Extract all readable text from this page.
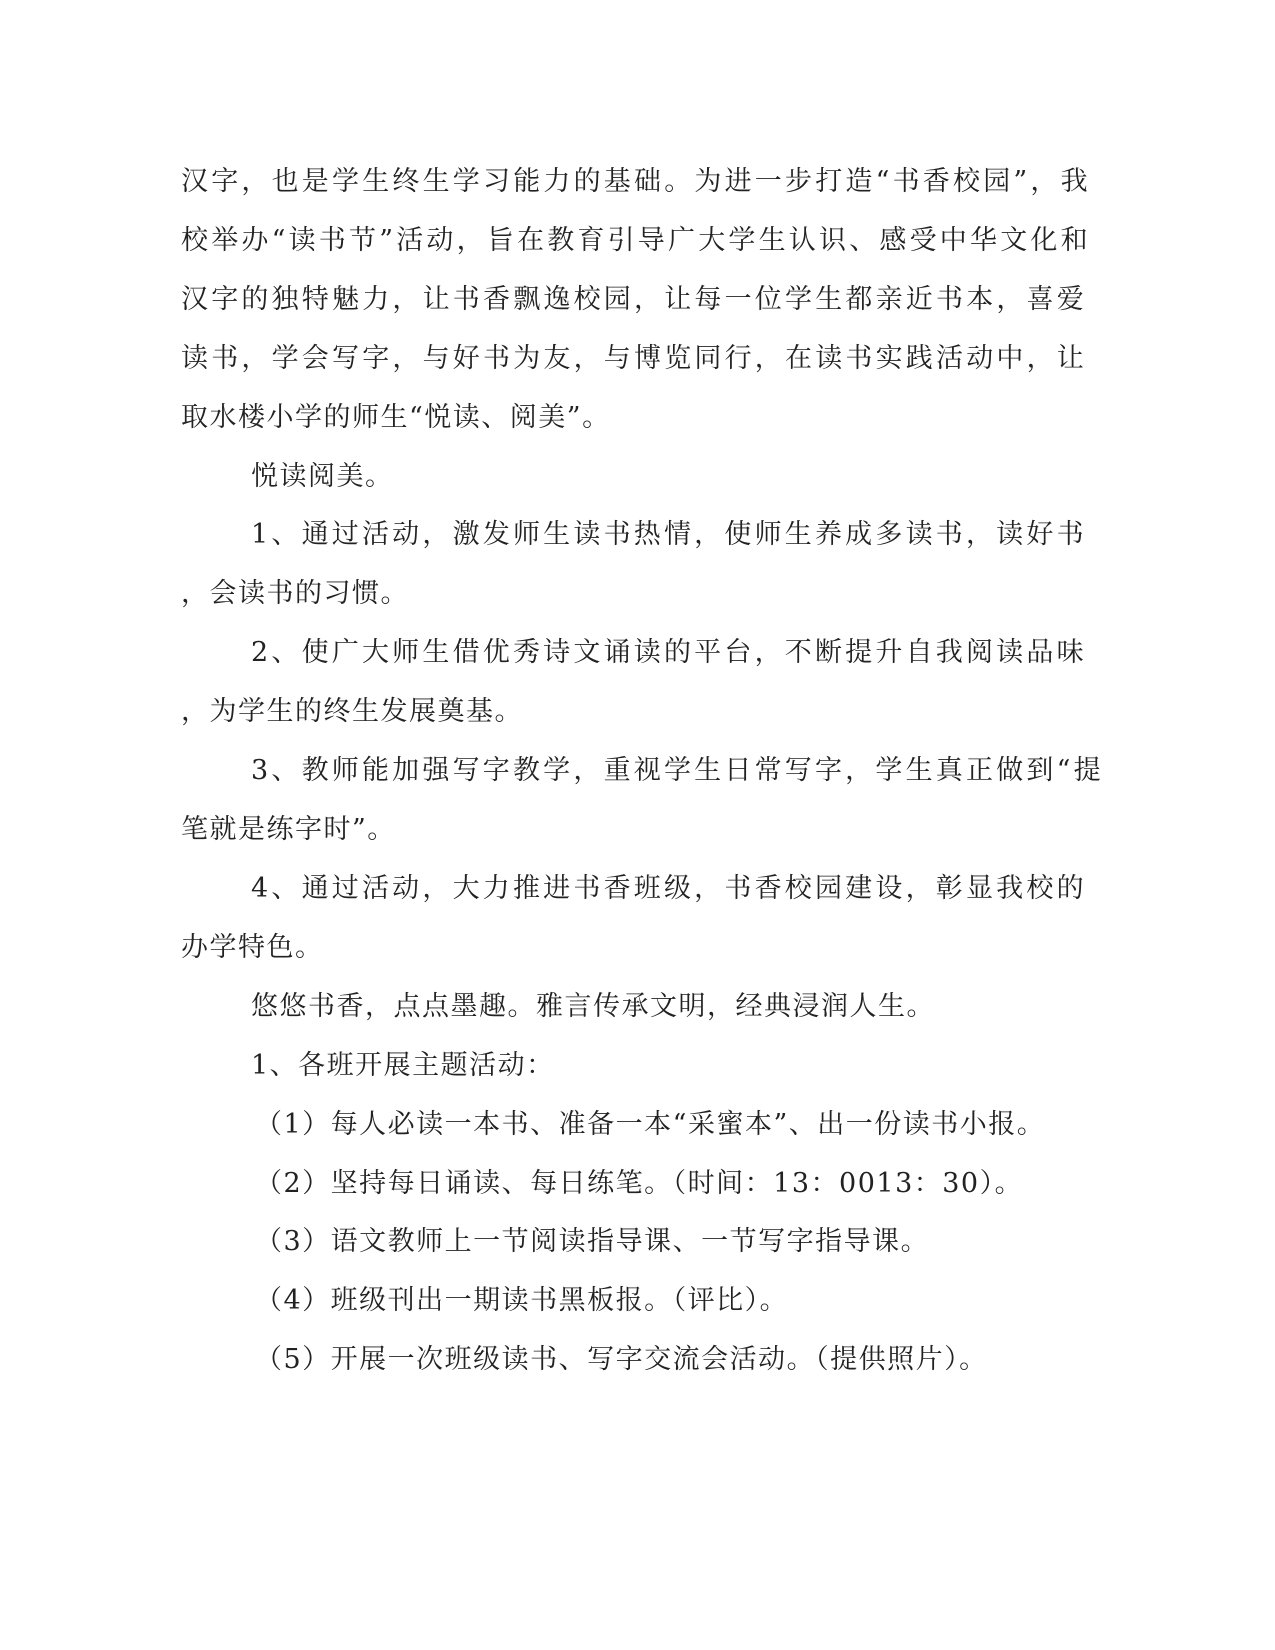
汉字，也是学生终生学习能力的基础。为进一步打造“书香校园”，我

校举办“读书节”活动，旨在教育引导广大学生认识、感受中华文化和

汉字的独特魅力，让书香飘逸校园，让每一位学生都亲近书本，喜爱

读书，学会写字，与好书为友，与博览同行，在读书实践活动中，让

取水楼小学的师生“悦读、阅美”。

悦读阅美。

1、通过活动，激发师生读书热情，使师生养成多读书，读好书

，会读书的习惯。

2、使广大师生借优秀诗文诵读的平台，不断提升自我阅读品味

，为学生的终生发展奠基。

3、教师能加强写字教学，重视学生日常写字，学生真正做到“提

笔就是练字时”。

4、通过活动，大力推进书香班级，书香校园建设，彰显我校的

办学特色。

悠悠书香，点点墨趣。雅言传承文明，经典浸润人生。

1、各班开展主题活动：

（1）每人必读一本书、准备一本“采蜜本”、出一份读书小报。

（2）坚持每日诵读、每日练笔。（时间：13：0013：30）。

（3）语文教师上一节阅读指导课、一节写字指导课。

（4）班级刊出一期读书黑板报。（评比）。

（5）开展一次班级读书、写字交流会活动。（提供照片）。
